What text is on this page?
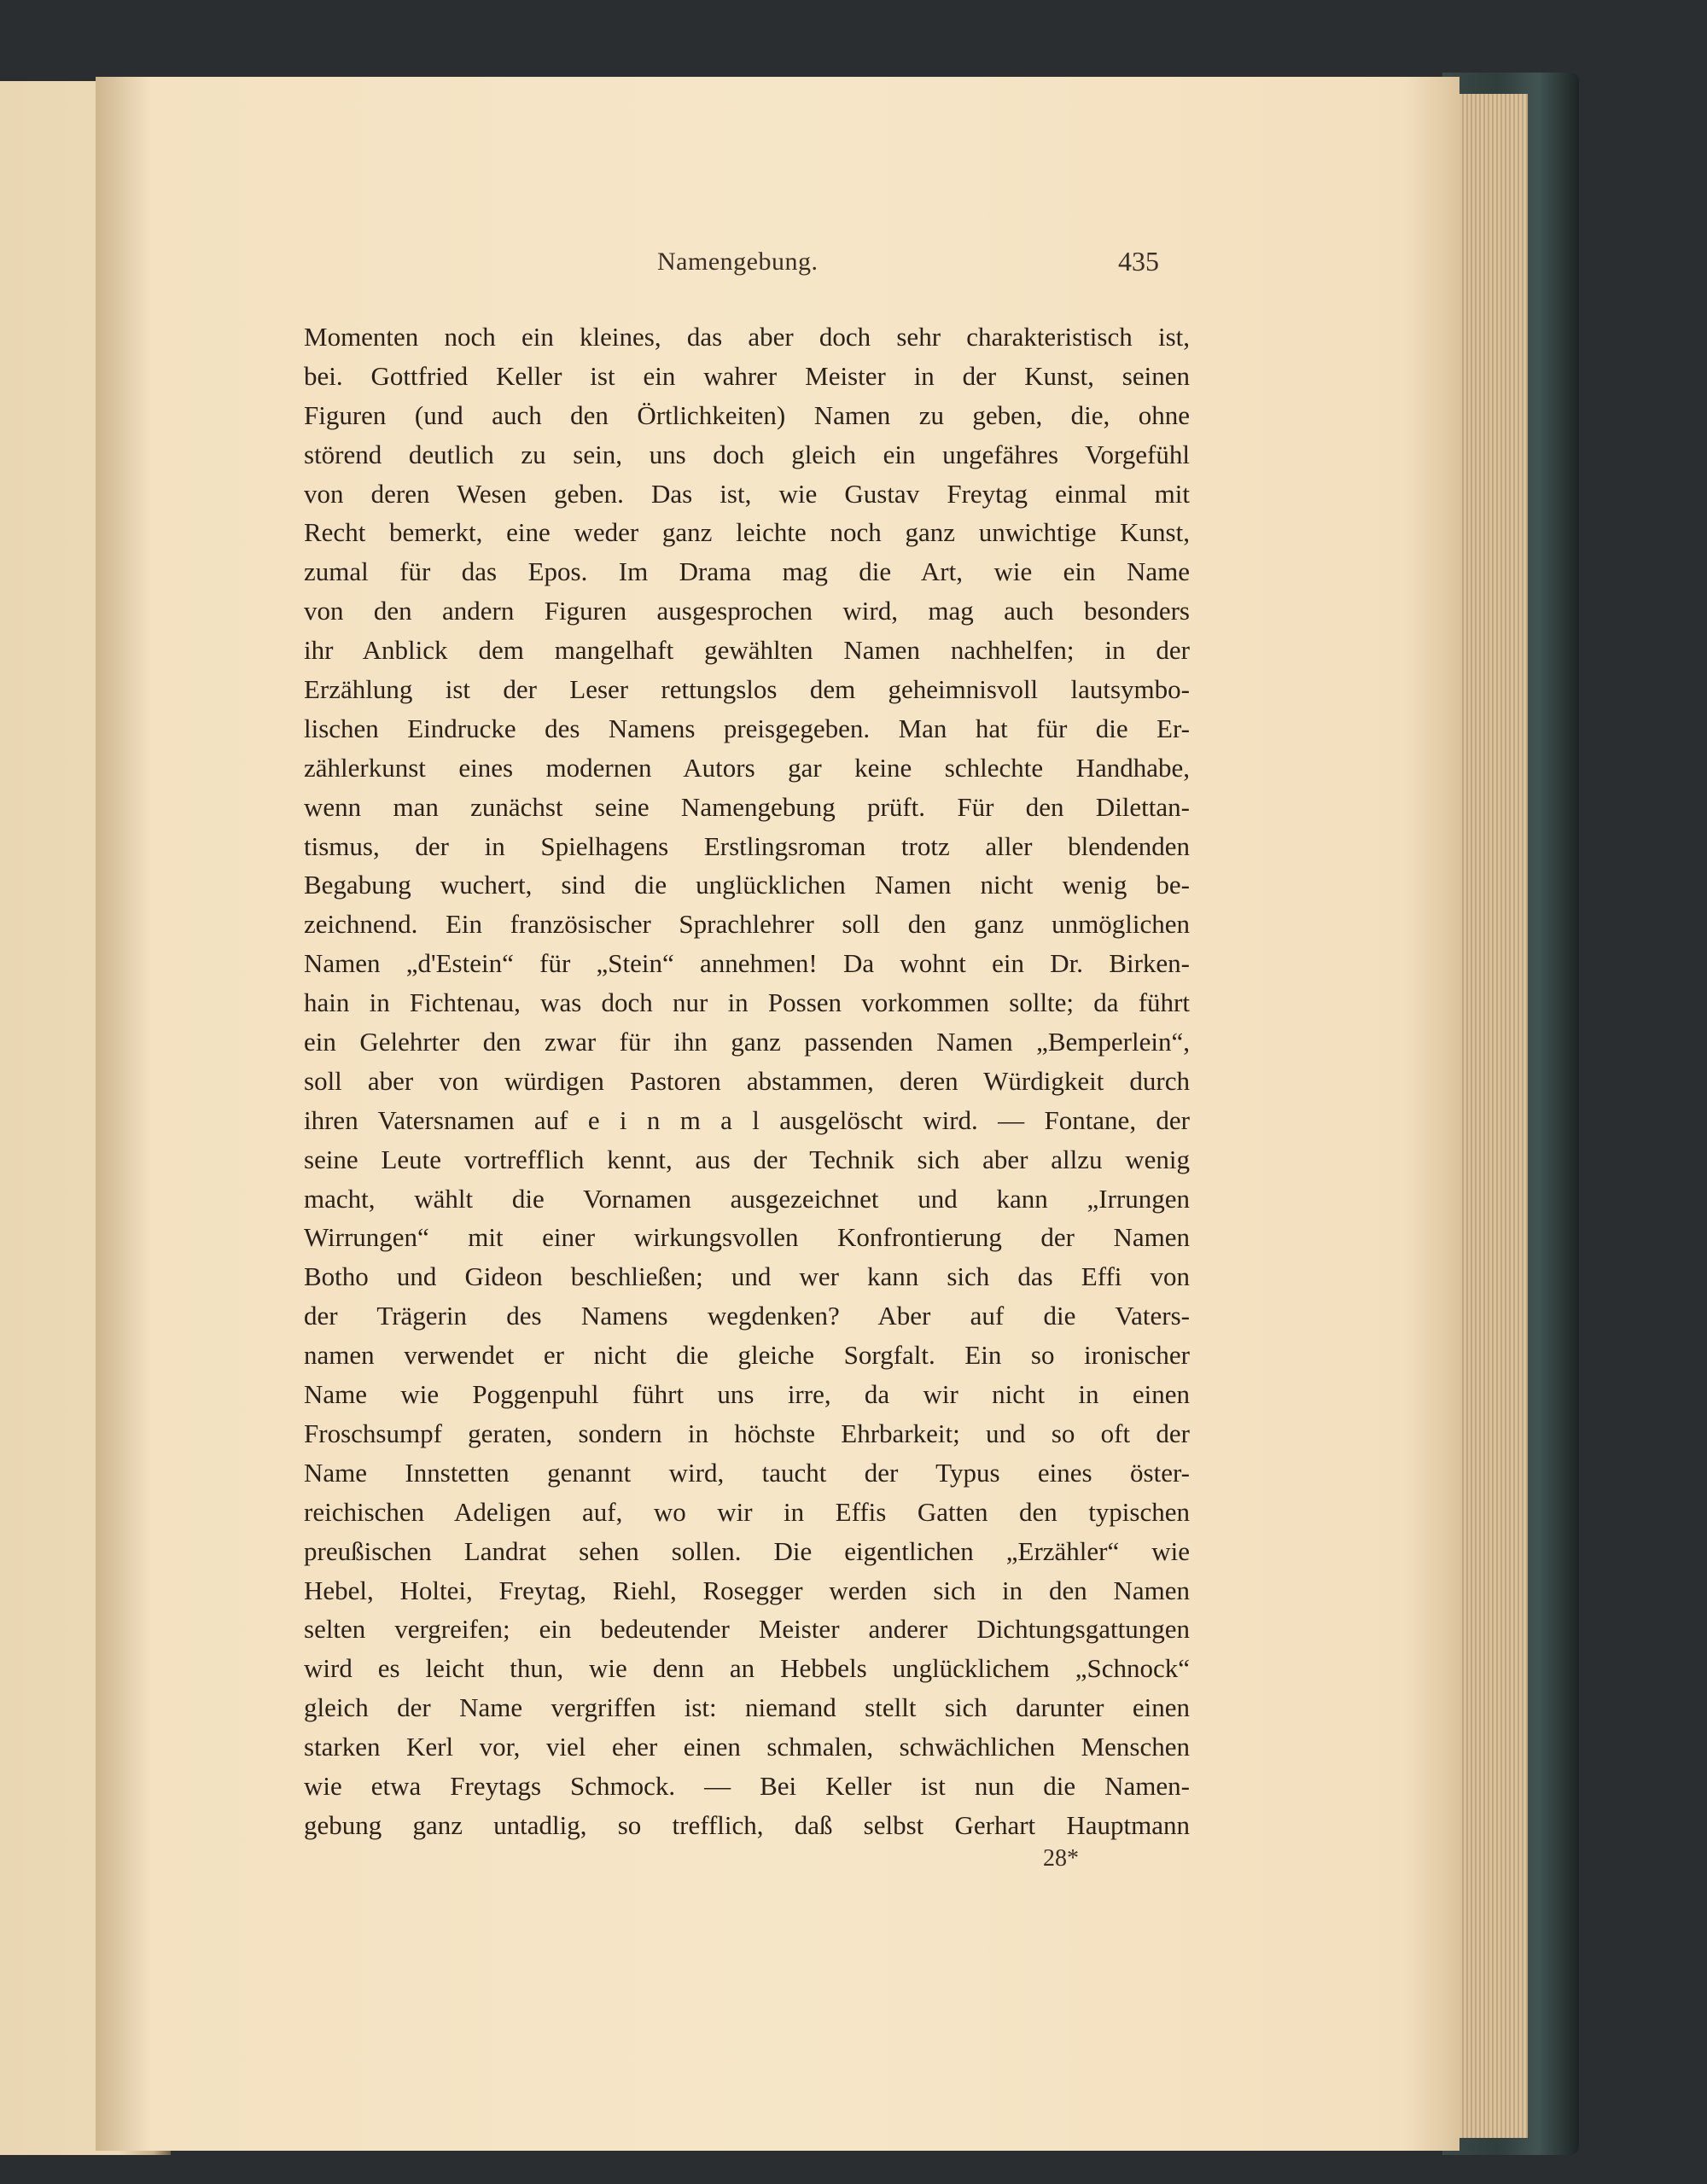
Namengebung.	435
Momenten noch ein kleines, das aber doch sehr charakteristisch ist,
bei. Gottfried Keller ist ein wahrer Meister in der Kunst, seinen
Figuren (und auch den Örtlichkeiten) Namen zu geben, die, ohne
störend deutlich zu sein, uns doch gleich ein ungefähres Vorgefühl
von deren Wesen geben. Das ist, wie Gustav Freytag einmal mit
Recht bemerkt, eine weder ganz leichte noch ganz unwichtige Kunst,
zumal für das Epos. Im Drama mag die Art, wie ein Name
von den andern Figuren ausgesprochen wird, mag auch besonders
ihr Anblick dem mangelhaft gewählten Namen nachhelfen; in der
Erzählung ist der Leser rettungslos dem geheimnisvoll lautsymbo-
lischen Eindrucke des Namens preisgegeben. Man hat für die Er-
zählerkunst eines modernen Autors gar keine schlechte Handhabe,
wenn man zunächst seine Namengebung prüft. Für den Dilettan-
tismus, der in Spielhagens Erstlingsroman trotz aller blendenden
Begabung wuchert, sind die unglücklichen Namen nicht wenig be-
zeichnend. Ein französischer Sprachlehrer soll den ganz unmöglichen
Namen „d'Estein“ für „Stein“ annehmen! Da wohnt ein Dr. Birken-
hain in Fichtenau, was doch nur in Possen vorkommen sollte; da führt
ein Gelehrter den zwar für ihn ganz passenden Namen „Bemperlein“,
soll aber von würdigen Pastoren abstammen, deren Würdigkeit durch
ihren Vatersnamen auf e i n m a l ausgelöscht wird. — Fontane, der
seine Leute vortrefflich kennt, aus der Technik sich aber allzu wenig
macht, wählt die Vornamen ausgezeichnet und kann „Irrungen
Wirrungen“ mit einer wirkungsvollen Konfrontierung der Namen
Botho und Gideon beschließen; und wer kann sich das Effi von
der Trägerin des Namens wegdenken? Aber auf die Vaters-
namen verwendet er nicht die gleiche Sorgfalt. Ein so ironischer
Name wie Poggenpuhl führt uns irre, da wir nicht in einen
Froschsumpf geraten, sondern in höchste Ehrbarkeit; und so oft der
Name Innstetten genannt wird, taucht der Typus eines öster-
reichischen Adeligen auf, wo wir in Effis Gatten den typischen
preußischen Landrat sehen sollen. Die eigentlichen „Erzähler“ wie
Hebel, Holtei, Freytag, Riehl, Rosegger werden sich in den Namen
selten vergreifen; ein bedeutender Meister anderer Dichtungsgattungen
wird es leicht thun, wie denn an Hebbels unglücklichem „Schnock“
gleich der Name vergriffen ist: niemand stellt sich darunter einen
starken Kerl vor, viel eher einen schmalen, schwächlichen Menschen
wie etwa Freytags Schmock. — Bei Keller ist nun die Namen-
gebung ganz untadlig, so trefflich, daß selbst Gerhart Hauptmann
28*
